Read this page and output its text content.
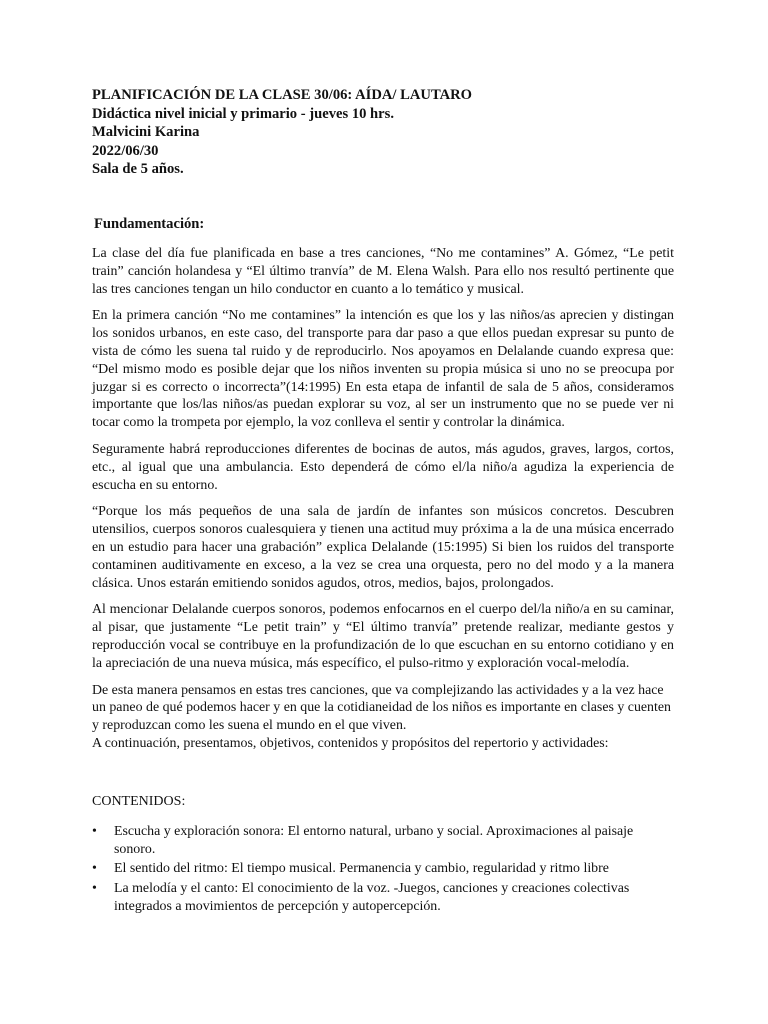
PLANIFICACIÓN DE LA CLASE 30/06: AÍDA/ LAUTARO
Didáctica nivel inicial y primario - jueves 10 hrs.
Malvicini Karina
2022/06/30
Sala de 5 años.
Fundamentación:

La clase del día fue planificada en base a tres canciones, “No me contamines” A. Gómez, “Le petit train” canción holandesa y “El último tranvía” de M. Elena Walsh. Para ello nos resultó pertinente que las tres canciones tengan un hilo conductor en cuanto a lo temático y musical.

En la primera canción “No me contamines” la intención es que los y las niños/as aprecien y distingan los sonidos urbanos, en este caso, del transporte para dar paso a que ellos puedan expresar su punto de vista de cómo les suena tal ruido y de reproducirlo. Nos apoyamos en Delalande cuando expresa que: “Del mismo modo es posible dejar que los niños inventen su propia música si uno no se preocupa por juzgar si es correcto o incorrecta”(14:1995) En esta etapa de infantil de sala de 5 años, consideramos importante que los/las niños/as puedan explorar su voz, al ser un instrumento que no se puede ver ni tocar como la trompeta por ejemplo, la voz conlleva el sentir y controlar la dinámica.

Seguramente habrá reproducciones diferentes de bocinas de autos, más agudos, graves, largos, cortos, etc., al igual que una ambulancia. Esto dependerá de cómo el/la niño/a agudiza la experiencia de escucha en su entorno.

“Porque los más pequeños de una sala de jardín de infantes son músicos concretos. Descubren utensilios, cuerpos sonoros cualesquiera y tienen una actitud muy próxima a la de una música encerrado en un estudio para hacer una grabación” explica Delalande (15:1995) Si bien los ruidos del transporte contaminen auditivamente en exceso, a la vez se crea una orquesta, pero no del modo y a la manera clásica. Unos estarán emitiendo sonidos agudos, otros, medios, bajos, prolongados.

Al mencionar Delalande cuerpos sonoros, podemos enfocarnos en el cuerpo del/la niño/a en su caminar, al pisar, que justamente “Le petit train” y “El último tranvía” pretende realizar, mediante gestos y reproducción vocal se contribuye en la profundización de lo que escuchan en su entorno cotidiano y en la apreciación de una nueva música, más específico, el pulso-ritmo y exploración vocal-melodía.

De esta manera pensamos en estas tres canciones, que va complejizando las actividades y a la vez hace un paneo de qué podemos hacer y en que la cotidianeidad de los niños es importante en clases y cuenten y reproduzcan como les suena el mundo en el que viven.

A continuación, presentamos, objetivos, contenidos y propósitos del repertorio y actividades:

CONTENIDOS:
• Escucha y exploración sonora: El entorno natural, urbano y social. Aproximaciones al paisaje sonoro.
• El sentido del ritmo: El tiempo musical. Permanencia y cambio, regularidad y ritmo libre
• La melodía y el canto: El conocimiento de la voz. -Juegos, canciones y creaciones colectivas integrados a movimientos de percepción y autopercepción.
